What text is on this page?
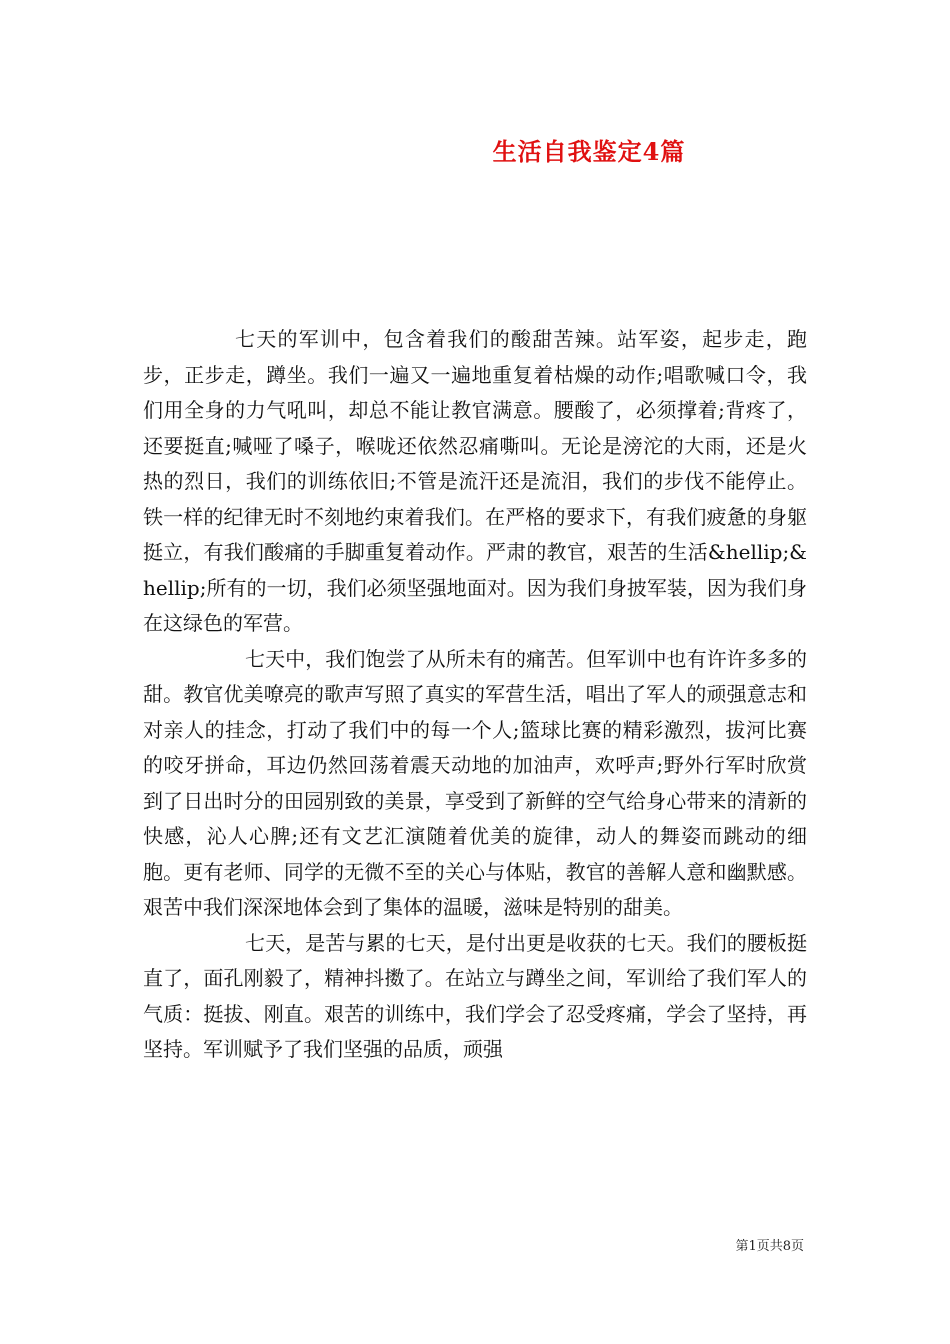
生活自我鉴定4篇

七天的军训中，包含着我们的酸甜苦辣。站军姿，起步走，跑步，正步走，蹲坐。我们一遍又一遍地重复着枯燥的动作;唱歌喊口令，我们用全身的力气吼叫，却总不能让教官满意。腰酸了，必须撑着;背疼了，还要挺直;喊哑了嗓子，喉咙还依然忍痛嘶叫。无论是滂沱的大雨，还是火热的烈日，我们的训练依旧;不管是流汗还是流泪，我们的步伐不能停止。铁一样的纪律无时不刻地约束着我们。在严格的要求下，有我们疲惫的身躯挺立，有我们酸痛的手脚重复着动作。严肃的教官，艰苦的生活&hellip;&hellip;所有的一切，我们必须坚强地面对。因为我们身披军装，因为我们身在这绿色的军营。

七天中，我们饱尝了从所未有的痛苦。但军训中也有许许多多的甜。教官优美嘹亮的歌声写照了真实的军营生活，唱出了军人的顽强意志和对亲人的挂念，打动了我们中的每一个人;篮球比赛的精彩激烈，拔河比赛的咬牙拼命，耳边仍然回荡着震天动地的加油声，欢呼声;野外行军时欣赏到了日出时分的田园别致的美景，享受到了新鲜的空气给身心带来的清新的快感，沁人心脾;还有文艺汇演随着优美的旋律，动人的舞姿而跳动的细胞。更有老师、同学的无微不至的关心与体贴，教官的善解人意和幽默感。艰苦中我们深深地体会到了集体的温暖，滋味是特别的甜美。

七天，是苦与累的七天，是付出更是收获的七天。我们的腰板挺直了，面孔刚毅了，精神抖擞了。在站立与蹲坐之间，军训给了我们军人的气质：挺拔、刚直。艰苦的训练中，我们学会了忍受疼痛，学会了坚持，再坚持。军训赋予了我们坚强的品质，顽强

第1页共8页
